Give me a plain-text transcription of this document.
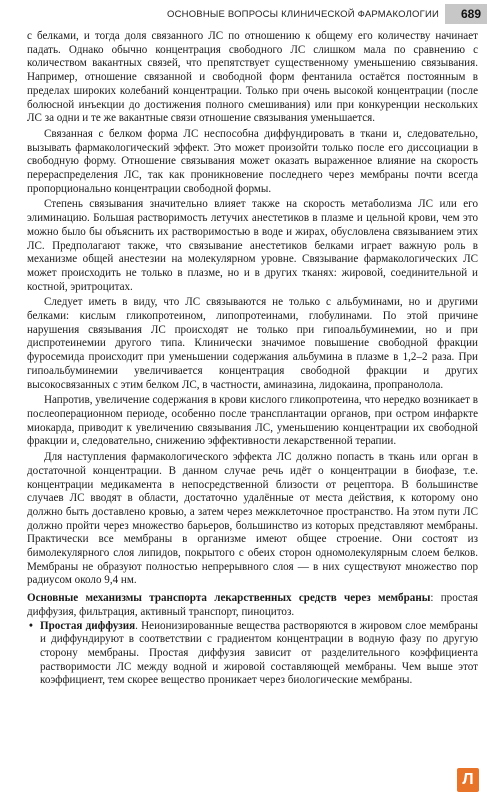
ОСНОВНЫЕ ВОПРОСЫ КЛИНИЧЕСКОЙ ФАРМАКОЛОГИИ 689

с белками, и тогда доля связанного ЛС по отношению к общему его количеству начинает падать. Однако обычно концентрация свободного ЛС слишком мала по сравнению с количеством вакантных связей, что препятствует существенному уменьшению связывания. Например, отношение связанной и свободной форм фентанила остаётся постоянным в пределах широких колебаний концентрации. Только при очень высокой концентрации (после болюсной инъекции до достижения полного смешивания) или при конкуренции нескольких ЛС за одни и те же вакантные связи отношение связывания уменьшается.

Связанная с белком форма ЛС неспособна диффундировать в ткани и, следовательно, вызывать фармакологический эффект. Это может произойти только после его диссоциации в свободную форму. Отношение связывания может оказать выраженное влияние на скорость перераспределения ЛС, так как проникновение последнего через мембраны почти всегда пропорционально концентрации свободной формы.

Степень связывания значительно влияет также на скорость метаболизма ЛС или его элиминацию. Большая растворимость летучих анестетиков в плазме и цельной крови, чем это можно было бы объяснить их растворимостью в воде и жирах, обусловлена связыванием этих ЛС. Предполагают также, что связывание анестетиков белками играет важную роль в механизме общей анестезии на молекулярном уровне. Связывание фармакологических ЛС может происходить не только в плазме, но и в других тканях: жировой, соединительной и костной, эритроцитах.

Следует иметь в виду, что ЛС связываются не только с альбуминами, но и другими белками: кислым гликопротеином, липопротеинами, глобулинами. По этой причине нарушения связывания ЛС происходят не только при гипоальбуминемии, но и при диспротеинемии другого типа. Клинически значимое повышение свободной фракции фуросемида происходит при уменьшении содержания альбумина в плазме в 1,2–2 раза. При гипоальбуминемии увеличивается концентрация свободной фракции и других высокосвязанных с этим белком ЛС, в частности, аминазина, лидокаина, пропранолола.

Напротив, увеличение содержания в крови кислого гликопротеина, что нередко возникает в послеоперационном периоде, особенно после трансплантации органов, при остром инфаркте миокарда, приводит к увеличению связывания ЛС, уменьшению концентрации их свободной фракции и, следовательно, снижению эффективности лекарственной терапии.

Для наступления фармакологического эффекта ЛС должно попасть в ткань или орган в достаточной концентрации. В данном случае речь идёт о концентрации в биофазе, т.е. концентрации медикамента в непосредственной близости от рецептора. В большинстве случаев ЛС вводят в области, достаточно удалённые от места действия, к которому оно должно быть доставлено кровью, а затем через межклеточное пространство. На этом пути ЛС должно пройти через множество барьеров, большинство из которых представляют мембраны. Практически все мембраны в организме имеют общее строение. Они состоят из бимолекулярного слоя липидов, покрытого с обеих сторон одномолекулярным слоем белков. Мембраны не образуют полностью непрерывного слоя — в них существуют множество пор радиусом около 9,4 нм.

Основные механизмы транспорта лекарственных средств через мембраны: простая диффузия, фильтрация, активный транспорт, пиноцитоз.

• Простая диффузия. Неионизированные вещества растворяются в жировом слое мембраны и диффундируют в соответствии с градиентом концентрации в водную фазу по другую сторону мембраны. Простая диффузия зависит от разделительного коэффициента растворимости ЛС между водной и жировой составляющей мембраны. Чем выше этот коэффициент, тем скорее вещество проникает через биологические мембраны.
Л
